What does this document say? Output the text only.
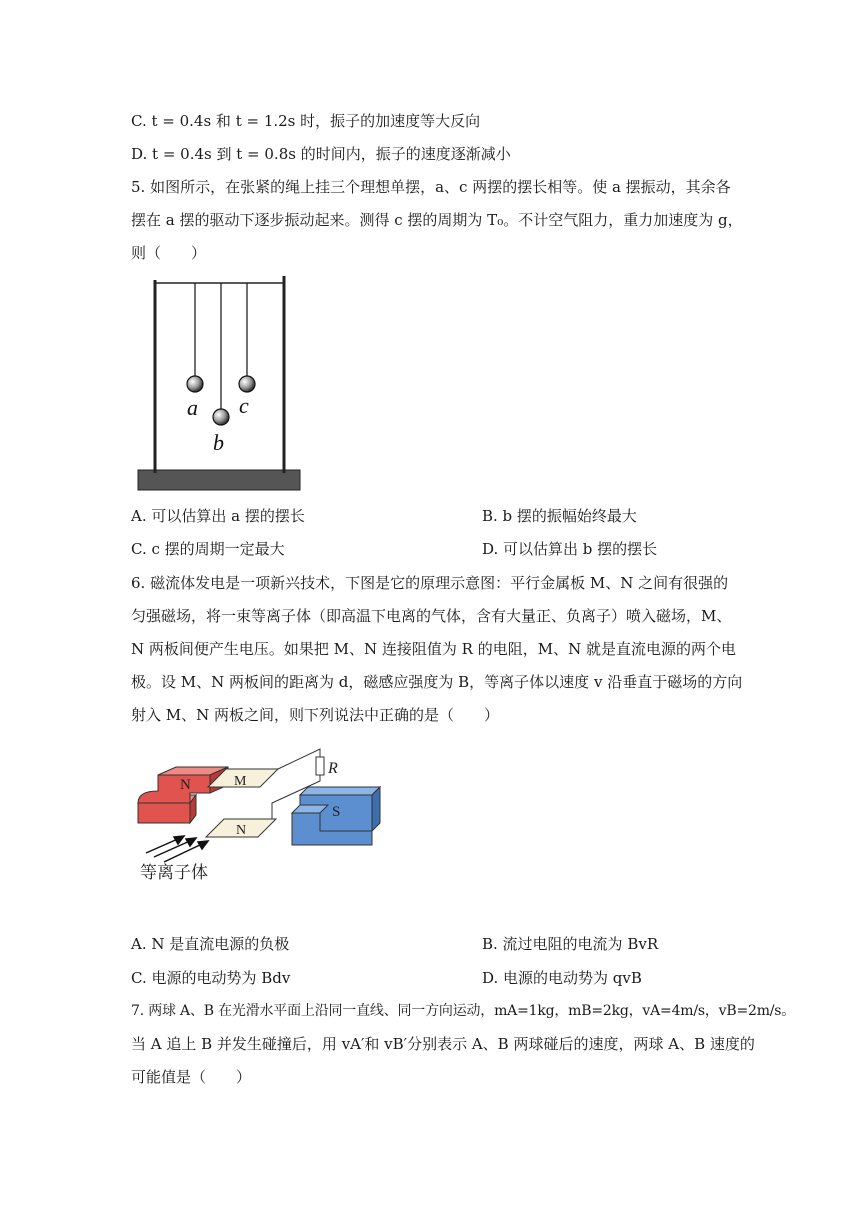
C. t = 0.4s 和 t = 1.2s 时，振子的加速度等大反向
D. t = 0.4s 到 t = 0.8s 的时间内，振子的速度逐渐减小
5. 如图所示，在张紧的绳上挂三个理想单摆，a、c 两摆的摆长相等。使 a 摆振动，其余各
摆在 a 摆的驱动下逐步振动起来。测得 c 摆的周期为 T₀。不计空气阻力，重力加速度为 g，
则（　　）
a
b
c
A. 可以估算出 a 摆的摆长	B. b 摆的振幅始终最大
C. c 摆的周期一定最大	D. 可以估算出 b 摆的摆长
6. 磁流体发电是一项新兴技术，下图是它的原理示意图：平行金属板 M、N 之间有很强的
匀强磁场，将一束等离子体（即高温下电离的气体，含有大量正、负离子）喷入磁场，M、
N 两板间便产生电压。如果把 M、N 连接阻值为 R 的电阻，M、N 就是直流电源的两个电
极。设 M、N 两板间的距离为 d，磁感应强度为 B，等离子体以速度 v 沿垂直于磁场的方向
射入 M、N 两板之间，则下列说法中正确的是（　　）
N
S
M
N
R
等离子体
A. N 是直流电源的负极	B. 流过电阻的电流为 BvR
C. 电源的电动势为 Bdv	D. 电源的电动势为 qvB
7. 两球 A、B 在光滑水平面上沿同一直线、同一方向运动，mA=1kg，mB=2kg，vA=4m/s，vB=2m/s。
当 A 追上 B 并发生碰撞后，用 vA′和 vB′分别表示 A、B 两球碰后的速度，两球 A、B 速度的
可能值是（　　）
